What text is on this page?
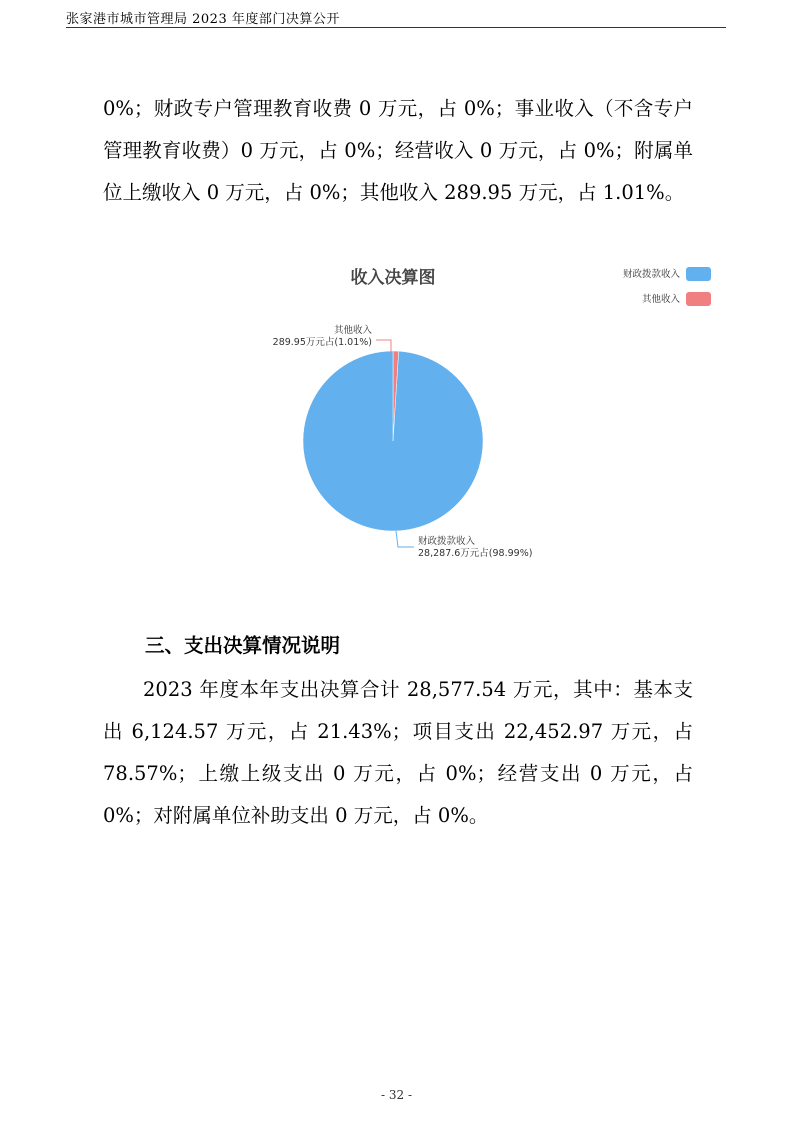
张家港市城市管理局 2023 年度部门决算公开

0%；财政专户管理教育收费 0 万元，占 0%；事业收入（不含专户管理教育收费）0 万元，占 0%；经营收入 0 万元，占 0%；附属单位上缴收入 0 万元，占 0%；其他收入 289.95 万元，占 1.01%。

收入决算图	财政拨款收入
其他收入
其他收入
289.95万元占(1.01%)
财政拨款收入
28,287.6万元占(98.99%)
三、支出决算情况说明

2023 年度本年支出决算合计 28,577.54 万元，其中：基本支出 6,124.57 万元，占 21.43%；项目支出 22,452.97 万元，占 78.57%；上缴上级支出 0 万元，占 0%；经营支出 0 万元，占 0%；对附属单位补助支出 0 万元，占 0%。

- 32 -
